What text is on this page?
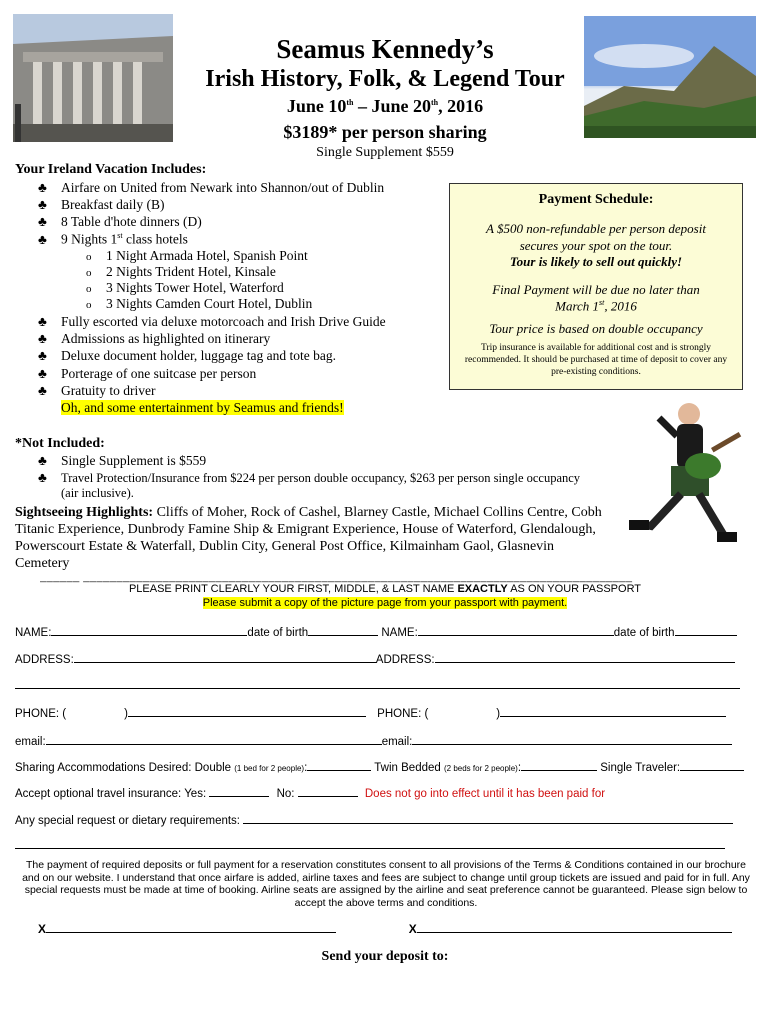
Seamus Kennedy’s
Irish History, Folk, & Legend Tour
June 10th – June 20th, 2016
$3189* per person sharing
Single Supplement $559
Your Ireland Vacation Includes:
♣ Airfare on United from Newark into Shannon/out of Dublin
♣ Breakfast daily (B)
♣ 8 Table d'hote dinners (D)
♣ 9 Nights 1st class hotels
o 1 Night Armada Hotel, Spanish Point
o 2 Nights Trident Hotel, Kinsale
o 3 Nights Tower Hotel, Waterford
o 3 Nights Camden Court Hotel, Dublin
♣ Fully escorted via deluxe motorcoach and Irish Drive Guide
♣ Admissions as highlighted on itinerary
♣ Deluxe document holder, luggage tag and tote bag.
♣ Porterage of one suitcase per person
♣ Gratuity to driver
Oh, and some entertainment by Seamus and friends!
Payment Schedule:
A $500 non-refundable per person deposit
secures your spot on the tour.
Tour is likely to sell out quickly!
Final Payment will be due no later than
March 1st, 2016
Tour price is based on double occupancy
Trip insurance is available for additional cost and is strongly recommended. It should be purchased at time of deposit to cover any pre-existing conditions.
*Not Included:
♣ Single Supplement is $559
♣ Travel Protection/Insurance from $224 per person double occupancy, $263 per person single occupancy
(air inclusive).
Sightseeing Highlights: Cliffs of Moher, Rock of Cashel, Blarney Castle, Michael Collins Centre, Cobh Titanic Experience, Dunbrody Famine Ship & Emigrant Experience, House of Waterford, Glendalough, Powerscourt Estate & Waterfall, Dublin City, General Post Office, Kilmainham Gaol, Glasnevin Cemetery
______ ___________________________________________________________________________________
PLEASE PRINT CLEARLY YOUR FIRST, MIDDLE, & LAST NAME EXACTLY AS ON YOUR PASSPORT
Please submit a copy of the picture page from your passport with payment.
NAME:	date of birth	NAME:	date of birth
ADDRESS:	ADDRESS:
PHONE: (	)	PHONE: (	)
email:	email:
Sharing Accommodations Desired: Double (1 bed for 2 people):	Twin Bedded (2 beds for 2 people):	Single Traveler:
Accept optional travel insurance: Yes:	No:	Does not go into effect until it has been paid for
Any special request or dietary requirements:
The payment of required deposits or full payment for a reservation constitutes consent to all provisions of the Terms & Conditions contained in our brochure and on our website. I understand that once airfare is added, airline taxes and fees are subject to change until group tickets are issued and paid for in full. Any special requests must be made at time of booking. Airline seats are assigned by the airline and seat preference cannot be guaranteed. Please sign below to accept the above terms and conditions.
X	X
Send your deposit to:
